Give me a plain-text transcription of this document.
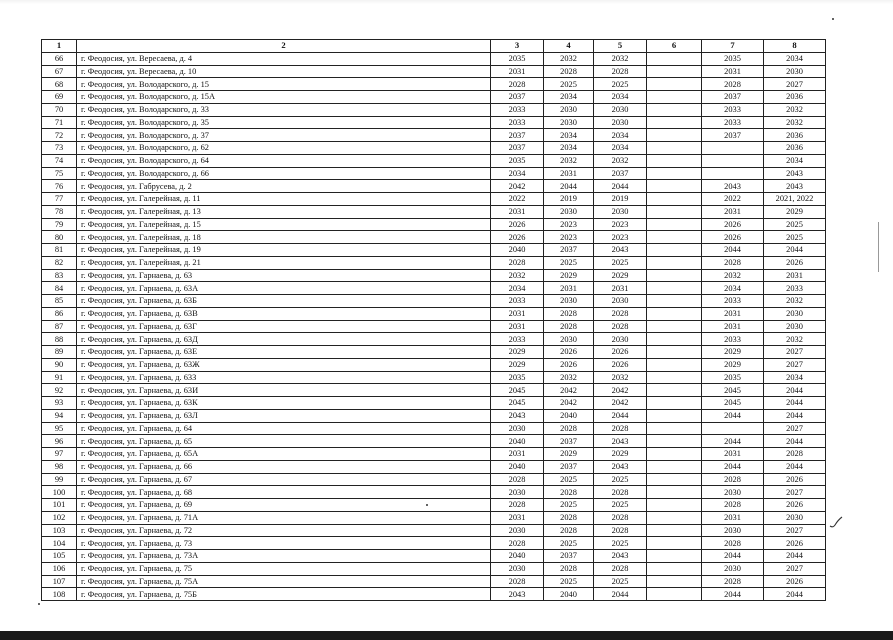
1	2	3	4	5	6	7	8
66	г. Феодосия, ул. Вересаева, д. 4	2035	2032	2032		2035	2034
67	г. Феодосия, ул. Вересаева, д. 10	2031	2028	2028		2031	2030
68	г. Феодосия, ул. Володарского, д. 15	2028	2025	2025		2028	2027
69	г. Феодосия, ул. Володарского, д. 15А	2037	2034	2034		2037	2036
70	г. Феодосия, ул. Володарского, д. 33	2033	2030	2030		2033	2032
71	г. Феодосия, ул. Володарского, д. 35	2033	2030	2030		2033	2032
72	г. Феодосия, ул. Володарского, д. 37	2037	2034	2034		2037	2036
73	г. Феодосия, ул. Володарского, д. 62	2037	2034	2034			2036
74	г. Феодосия, ул. Володарского, д. 64	2035	2032	2032			2034
75	г. Феодосия, ул. Володарского, д. 66	2034	2031	2037			2043
76	г. Феодосия, ул. Габрусева, д. 2	2042	2044	2044		2043	2043
77	г. Феодосия, ул. Галерейная, д. 11	2022	2019	2019		2022	2021, 2022
78	г. Феодосия, ул. Галерейная, д. 13	2031	2030	2030		2031	2029
79	г. Феодосия, ул. Галерейная, д. 15	2026	2023	2023		2026	2025
80	г. Феодосия, ул. Галерейная, д. 18	2026	2023	2023		2026	2025
81	г. Феодосия, ул. Галерейная, д. 19	2040	2037	2043		2044	2044
82	г. Феодосия, ул. Галерейная, д. 21	2028	2025	2025		2028	2026
83	г. Феодосия, ул. Гарнаева, д. 63	2032	2029	2029		2032	2031
84	г. Феодосия, ул. Гарнаева, д. 63А	2034	2031	2031		2034	2033
85	г. Феодосия, ул. Гарнаева, д. 63Б	2033	2030	2030		2033	2032
86	г. Феодосия, ул. Гарнаева, д. 63В	2031	2028	2028		2031	2030
87	г. Феодосия, ул. Гарнаева, д. 63Г	2031	2028	2028		2031	2030
88	г. Феодосия, ул. Гарнаева, д. 63Д	2033	2030	2030		2033	2032
89	г. Феодосия, ул. Гарнаева, д. 63Е	2029	2026	2026		2029	2027
90	г. Феодосия, ул. Гарнаева, д. 63Ж	2029	2026	2026		2029	2027
91	г. Феодосия, ул. Гарнаева, д. 63З	2035	2032	2032		2035	2034
92	г. Феодосия, ул. Гарнаева, д. 63И	2045	2042	2042		2045	2044
93	г. Феодосия, ул. Гарнаева, д. 63К	2045	2042	2042		2045	2044
94	г. Феодосия, ул. Гарнаева, д. 63Л	2043	2040	2044		2044	2044
95	г. Феодосия, ул. Гарнаева, д. 64	2030	2028	2028			2027
96	г. Феодосия, ул. Гарнаева, д. 65	2040	2037	2043		2044	2044
97	г. Феодосия, ул. Гарнаева, д. 65А	2031	2029	2029		2031	2028
98	г. Феодосия, ул. Гарнаева, д. 66	2040	2037	2043		2044	2044
99	г. Феодосия, ул. Гарнаева, д. 67	2028	2025	2025		2028	2026
100	г. Феодосия, ул. Гарнаева, д. 68	2030	2028	2028		2030	2027
101	г. Феодосия, ул. Гарнаева, д. 69	2028	2025	2025		2028	2026
102	г. Феодосия, ул. Гарнаева, д. 71А	2031	2028	2028		2031	2030
103	г. Феодосия, ул. Гарнаева, д. 72	2030	2028	2028		2030	2027
104	г. Феодосия, ул. Гарнаева, д. 73	2028	2025	2025		2028	2026
105	г. Феодосия, ул. Гарнаева, д. 73А	2040	2037	2043		2044	2044
106	г. Феодосия, ул. Гарнаева, д. 75	2030	2028	2028		2030	2027
107	г. Феодосия, ул. Гарнаева, д. 75А	2028	2025	2025		2028	2026
108	г. Феодосия, ул. Гарнаева, д. 75Б	2043	2040	2044		2044	2044
